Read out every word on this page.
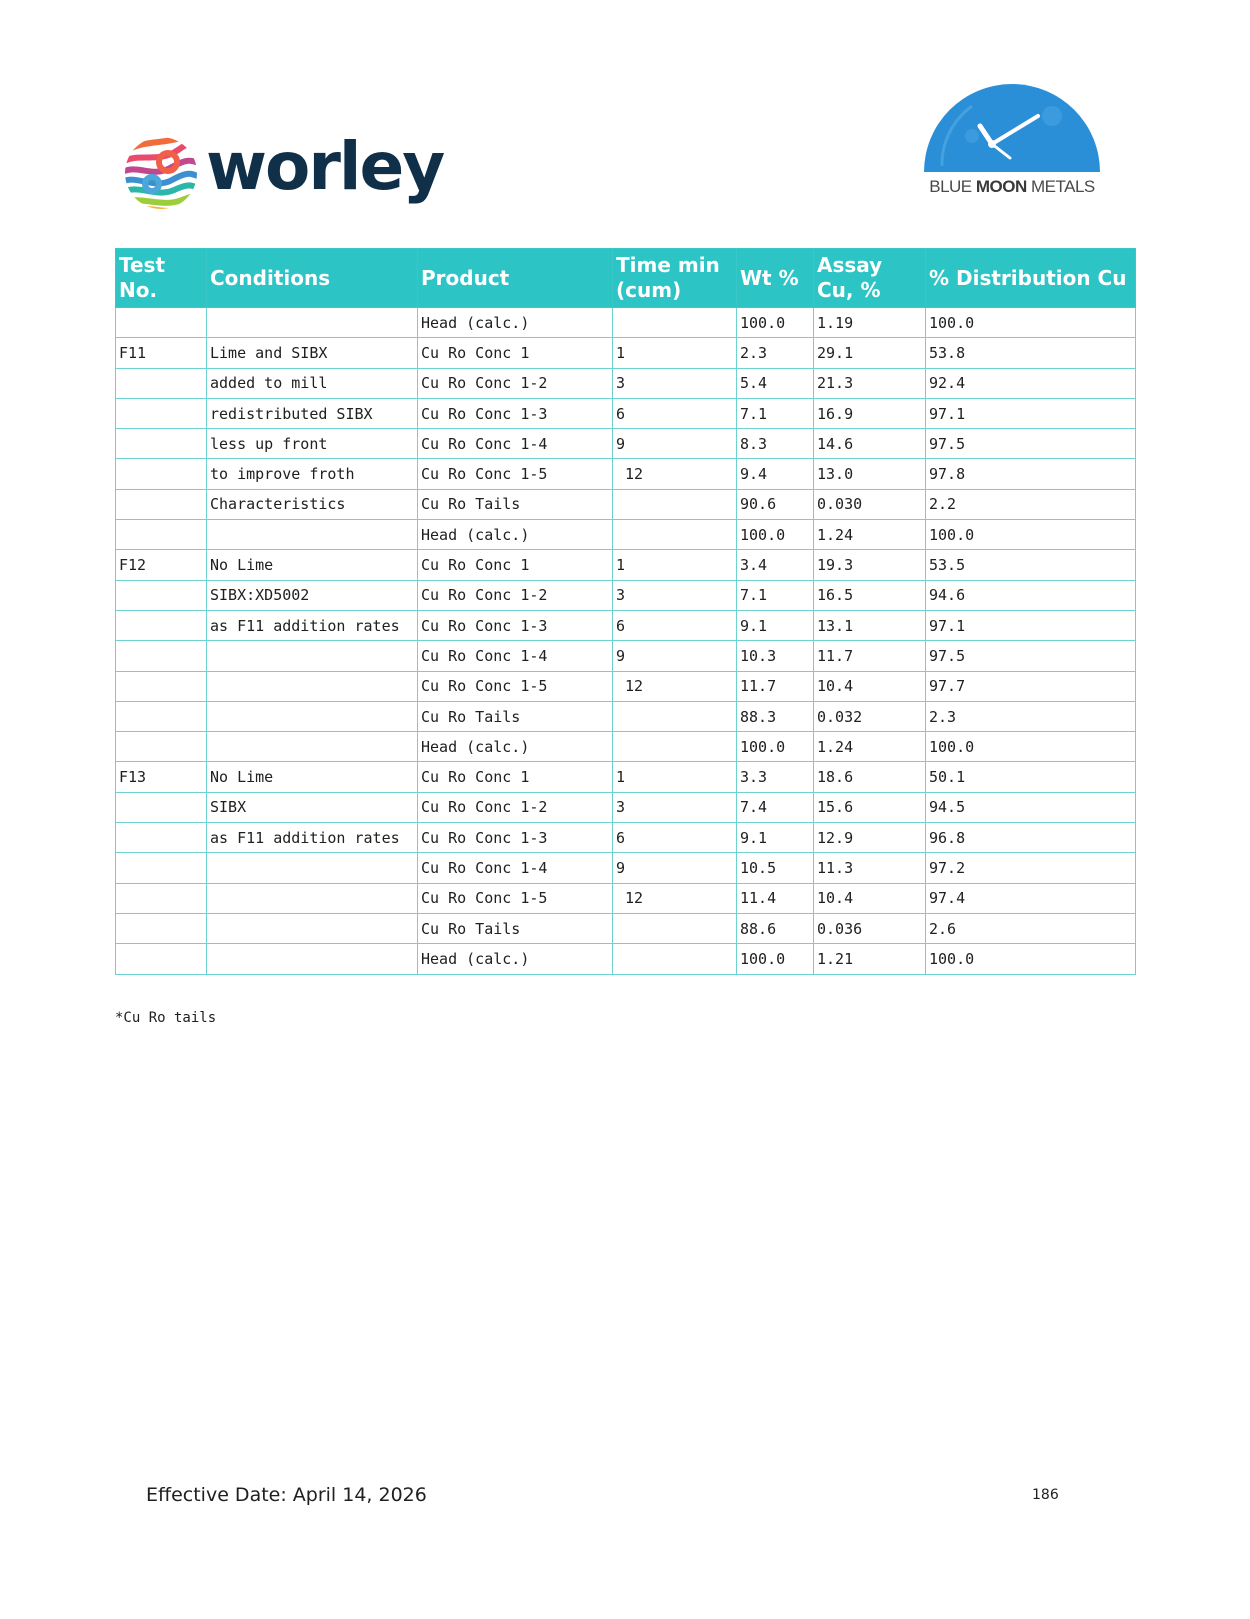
worley	BLUE MOON METALS
Test No.	Conditions	Product	Time min (cum)	Wt %	Assay Cu, %	% Distribution Cu
		Head (calc.)		100.0	1.19	100.0
F11	Lime and SIBX	Cu Ro Conc 1	1	2.3	29.1	53.8
	added to mill	Cu Ro Conc 1-2	3	5.4	21.3	92.4
	redistributed SIBX	Cu Ro Conc 1-3	6	7.1	16.9	97.1
	less up front	Cu Ro Conc 1-4	9	8.3	14.6	97.5
	to improve froth	Cu Ro Conc 1-5	12	9.4	13.0	97.8
	Characteristics	Cu Ro Tails		90.6	0.030	2.2
		Head (calc.)		100.0	1.24	100.0
F12	No Lime	Cu Ro Conc 1	1	3.4	19.3	53.5
	SIBX:XD5002	Cu Ro Conc 1-2	3	7.1	16.5	94.6
	as F11 addition rates	Cu Ro Conc 1-3	6	9.1	13.1	97.1
		Cu Ro Conc 1-4	9	10.3	11.7	97.5
		Cu Ro Conc 1-5	12	11.7	10.4	97.7
		Cu Ro Tails		88.3	0.032	2.3
		Head (calc.)		100.0	1.24	100.0
F13	No Lime	Cu Ro Conc 1	1	3.3	18.6	50.1
	SIBX	Cu Ro Conc 1-2	3	7.4	15.6	94.5
	as F11 addition rates	Cu Ro Conc 1-3	6	9.1	12.9	96.8
		Cu Ro Conc 1-4	9	10.5	11.3	97.2
		Cu Ro Conc 1-5	12	11.4	10.4	97.4
		Cu Ro Tails		88.6	0.036	2.6
		Head (calc.)		100.0	1.21	100.0
*Cu Ro tails
Effective Date: April 14, 2026	186
